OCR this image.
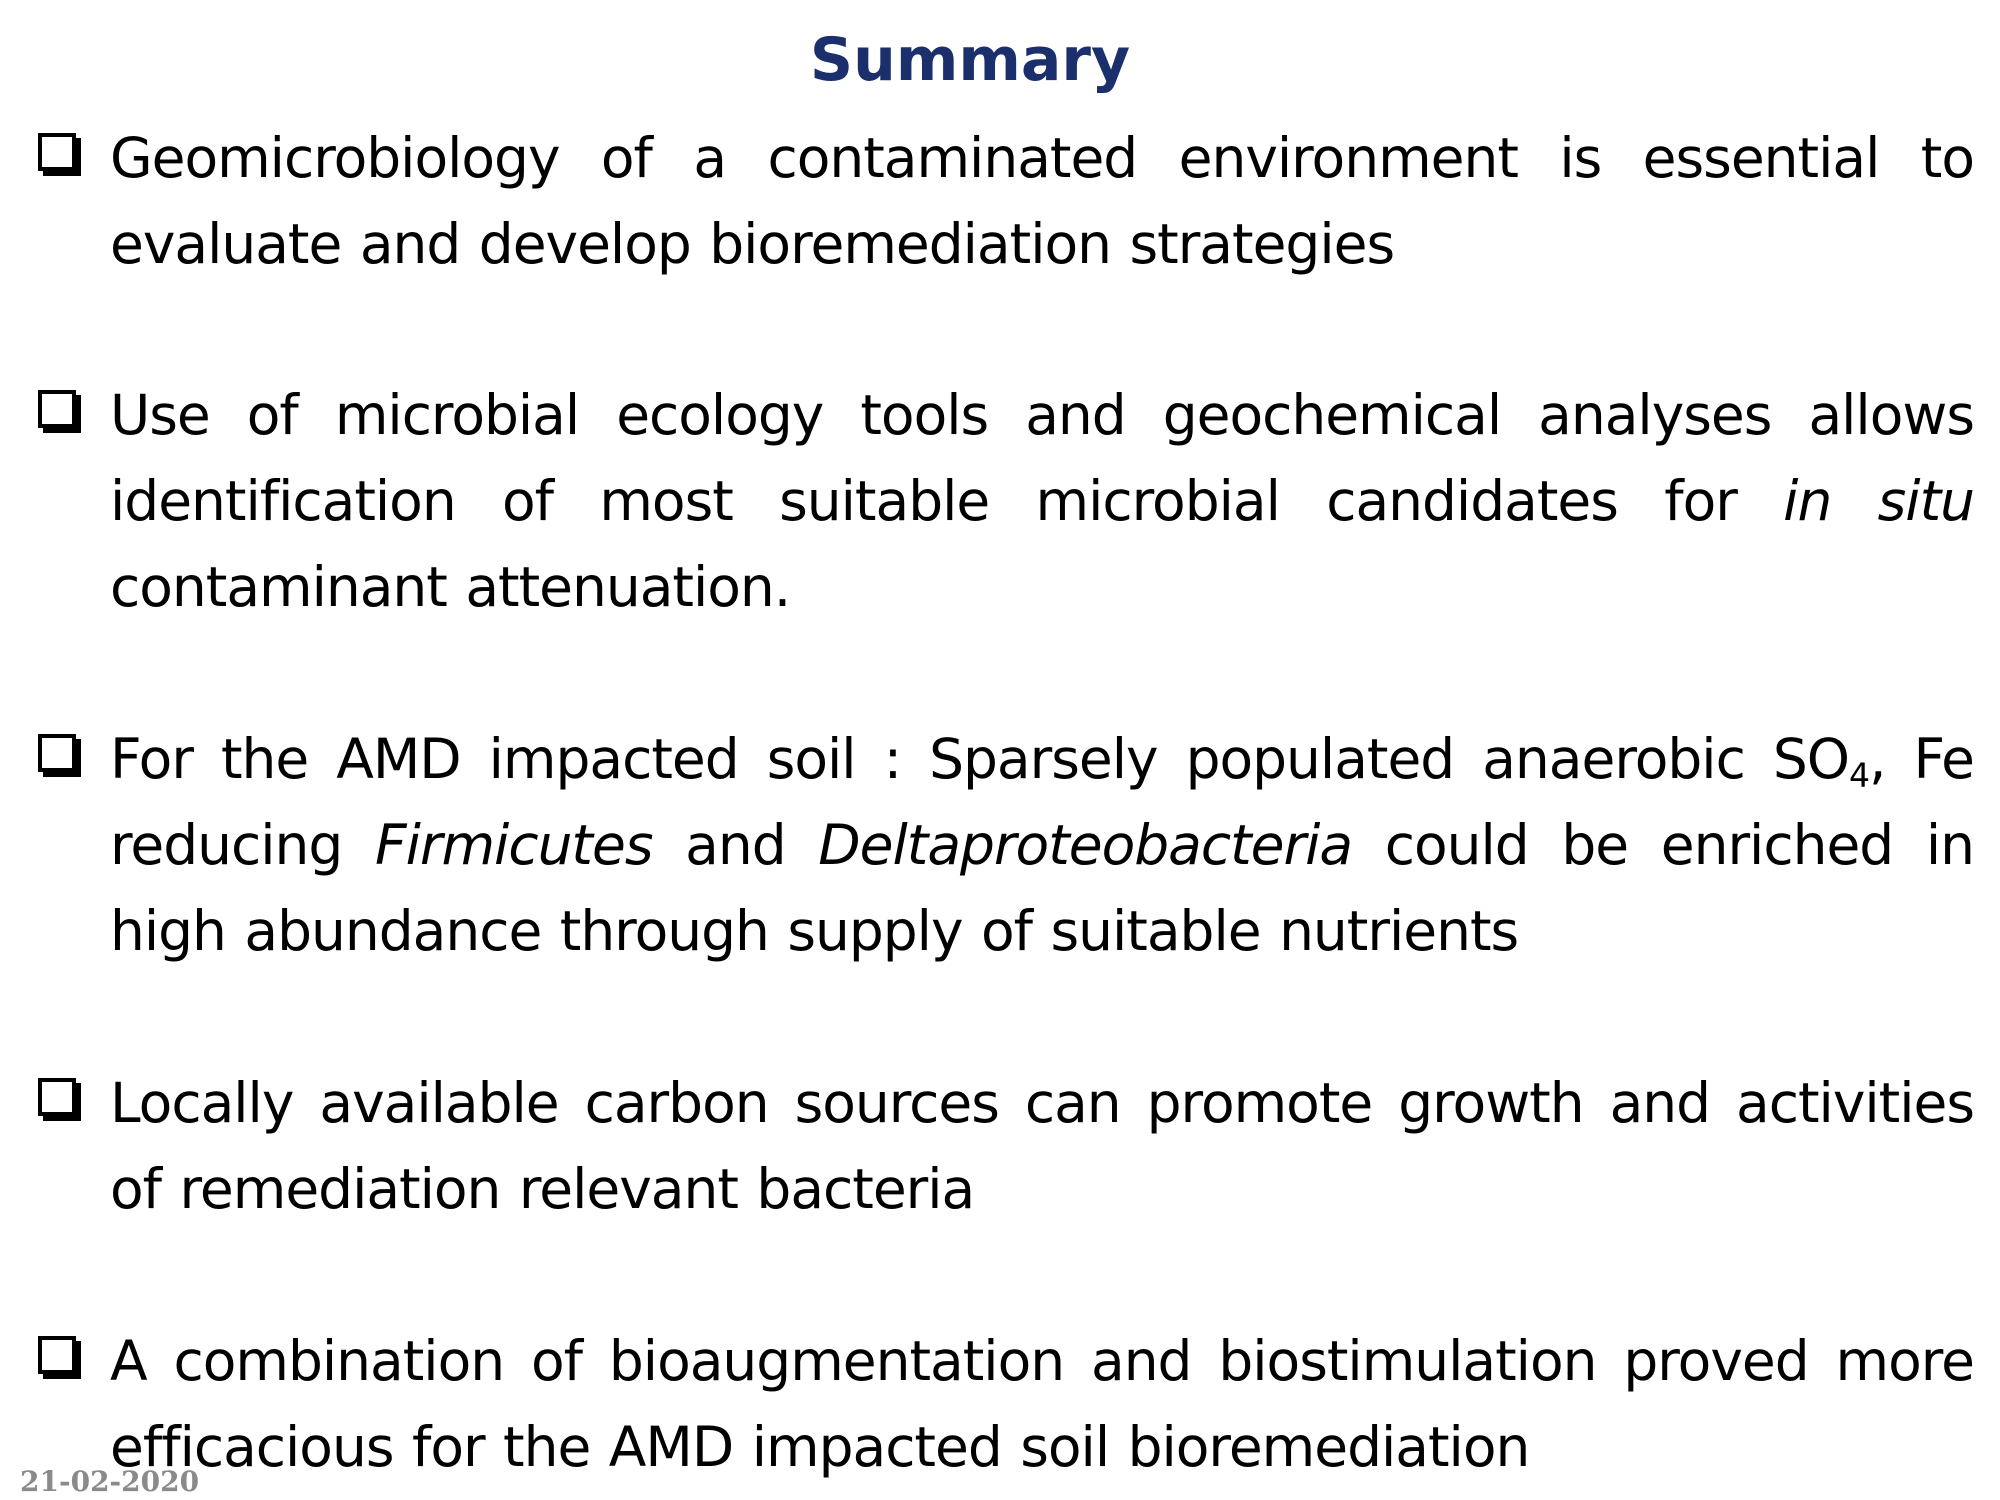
Summary
Geomicrobiology of a contaminated environment is essential to evaluate and develop bioremediation strategies
Use of microbial ecology tools and geochemical analyses allows identification of most suitable microbial candidates for in situ contaminant attenuation.
For the AMD impacted soil : Sparsely populated anaerobic $SO_4$, Fe reducing Firmicutes and Deltaproteobacteria could be enriched in high abundance through supply of suitable nutrients
Locally available carbon sources can promote growth and activities of remediation relevant bacteria
A combination of bioaugmentation and biostimulation proved more efficacious for the AMD impacted soil bioremediation
21-02-2020
